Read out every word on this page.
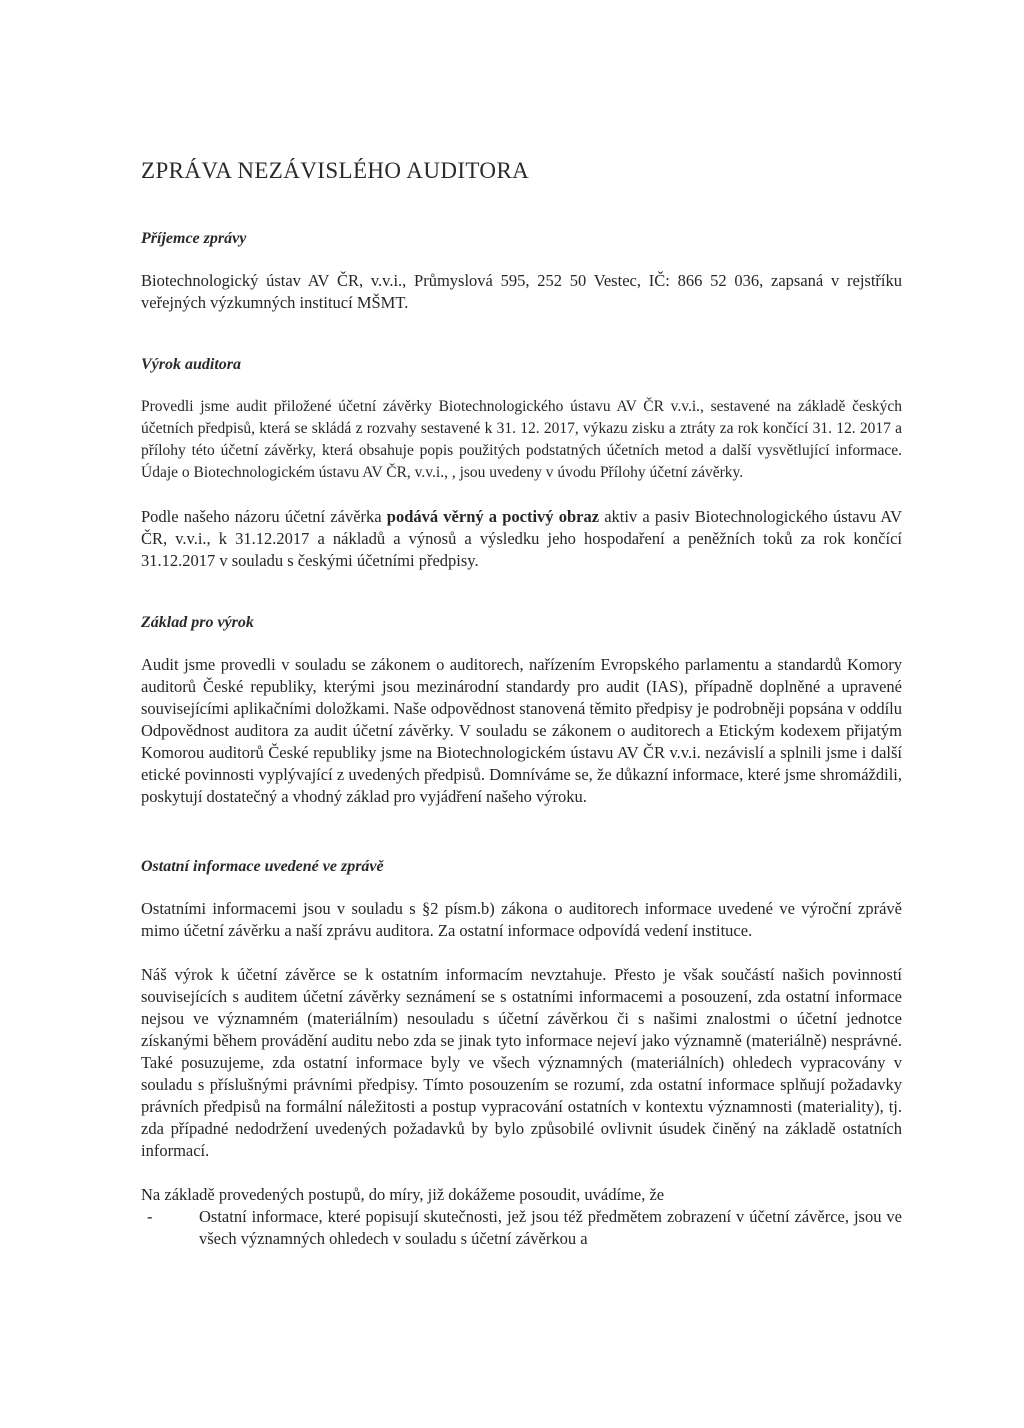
ZPRÁVA NEZÁVISLÉHO AUDITORA

Příjemce zprávy

Biotechnologický ústav AV ČR, v.v.i., Průmyslová 595, 252 50 Vestec, IČ: 866 52 036, zapsaná v rejstříku veřejných výzkumných institucí MŠMT.

Výrok auditora

Provedli jsme audit přiložené účetní závěrky Biotechnologického ústavu AV ČR v.v.i., sestavené na základě českých účetních předpisů, která se skládá z rozvahy sestavené k 31. 12. 2017, výkazu zisku a ztráty za rok končící 31. 12. 2017 a přílohy této účetní závěrky, která obsahuje popis použitých podstatných účetních metod a další vysvětlující informace. Údaje o Biotechnologickém ústavu AV ČR, v.v.i., , jsou uvedeny v úvodu Přílohy účetní závěrky.

Podle našeho názoru účetní závěrka podává věrný a poctivý obraz aktiv a pasiv Biotechnologického ústavu AV ČR, v.v.i., k 31.12.2017 a nákladů a výnosů a výsledku jeho hospodaření a peněžních toků za rok končící 31.12.2017 v souladu s českými účetními předpisy.

Základ pro výrok

Audit jsme provedli v souladu se zákonem o auditorech, nařízením Evropského parlamentu a standardů Komory auditorů České republiky, kterými jsou mezinárodní standardy pro audit (IAS), případně doplněné a upravené souvisejícími aplikačními doložkami. Naše odpovědnost stanovená těmito předpisy je podrobněji popsána v oddílu Odpovědnost auditora za audit účetní závěrky. V souladu se zákonem o auditorech a Etickým kodexem přijatým Komorou auditorů České republiky jsme na Biotechnologickém ústavu AV ČR v.v.i. nezávislí a splnili jsme i další etické povinnosti vyplývající z uvedených předpisů. Domníváme se, že důkazní informace, které jsme shromáždili, poskytují dostatečný a vhodný základ pro vyjádření našeho výroku.

Ostatní informace uvedené ve zprávě

Ostatními informacemi jsou v souladu s §2 písm.b) zákona o auditorech informace uvedené ve výroční zprávě mimo účetní závěrku a naší zprávu auditora. Za ostatní informace odpovídá vedení instituce.

Náš výrok k účetní závěrce se k ostatním informacím nevztahuje. Přesto je však součástí našich povinností souvisejících s auditem účetní závěrky seznámení se s ostatními informacemi a posouzení, zda ostatní informace nejsou ve významném (materiálním) nesouladu s účetní závěrkou či s našimi znalostmi o účetní jednotce získanými během provádění auditu nebo zda se jinak tyto informace nejeví jako významně (materiálně) nesprávné. Také posuzujeme, zda ostatní informace byly ve všech významných (materiálních) ohledech vypracovány v souladu s příslušnými právními předpisy. Tímto posouzením se rozumí, zda ostatní informace splňují požadavky právních předpisů na formální náležitosti a postup vypracování ostatních v kontextu významnosti (materiality), tj. zda případné nedodržení uvedených požadavků by bylo způsobilé ovlivnit úsudek činěný na základě ostatních informací.

Na základě provedených postupů, do míry, již dokážeme posoudit, uvádíme, že

-	Ostatní informace, které popisují skutečnosti, jež jsou též předmětem zobrazení v účetní závěrce, jsou ve všech významných ohledech v souladu s účetní závěrkou a
